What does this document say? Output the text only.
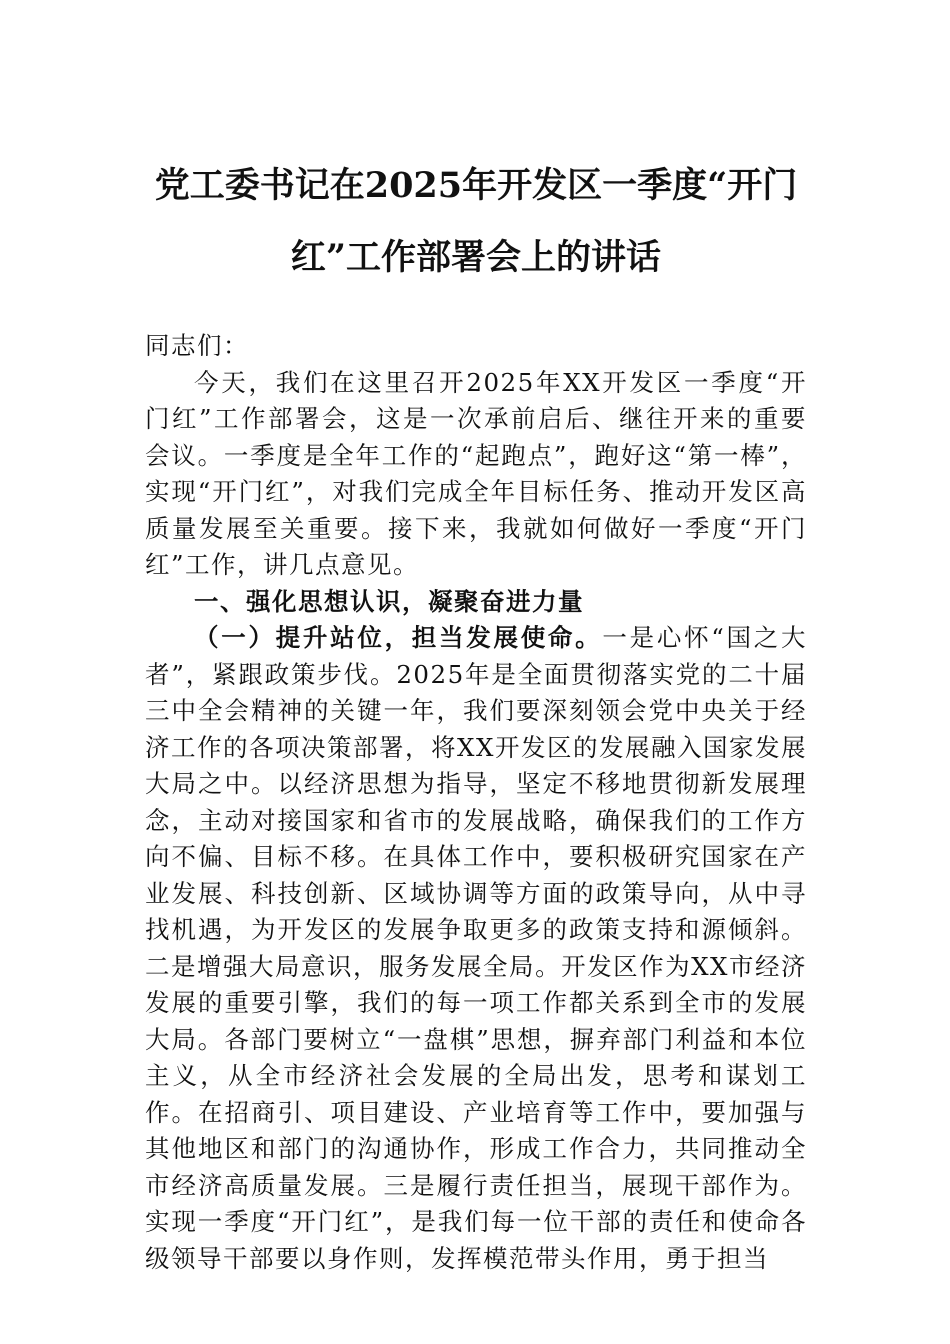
党工委书记在2025年开发区一季度“开门
红”工作部署会上的讲话

同志们：

今天，我们在这里召开2025年XX开发区一季度“开门红”工作部署会，这是一次承前启后、继往开来的重要会议。一季度是全年工作的“起跑点”，跑好这“第一棒”，实现“开门红”，对我们完成全年目标任务、推动开发区高质量发展至关重要。接下来，我就如何做好一季度“开门红”工作，讲几点意见。

一、强化思想认识，凝聚奋进力量

（一）提升站位，担当发展使命。一是心怀“国之大者”，紧跟政策步伐。2025年是全面贯彻落实党的二十届三中全会精神的关键一年，我们要深刻领会党中央关于经济工作的各项决策部署，将XX开发区的发展融入国家发展大局之中。以经济思想为指导，坚定不移地贯彻新发展理念，主动对接国家和省市的发展战略，确保我们的工作方向不偏、目标不移。在具体工作中，要积极研究国家在产业发展、科技创新、区域协调等方面的政策导向，从中寻找机遇，为开发区的发展争取更多的政策支持和源倾斜。二是增强大局意识，服务发展全局。开发区作为XX市经济发展的重要引擎，我们的每一项工作都关系到全市的发展大局。各部门要树立“一盘棋”思想，摒弃部门利益和本位主义，从全市经济社会发展的全局出发，思考和谋划工作。在招商引、项目建设、产业培育等工作中，要加强与其他地区和部门的沟通协作，形成工作合力，共同推动全市经济高质量发展。三是履行责任担当，展现干部作为。实现一季度“开门红”，是我们每一位干部的责任和使命各级领导干部要以身作则，发挥模范带头作用，勇于担当
